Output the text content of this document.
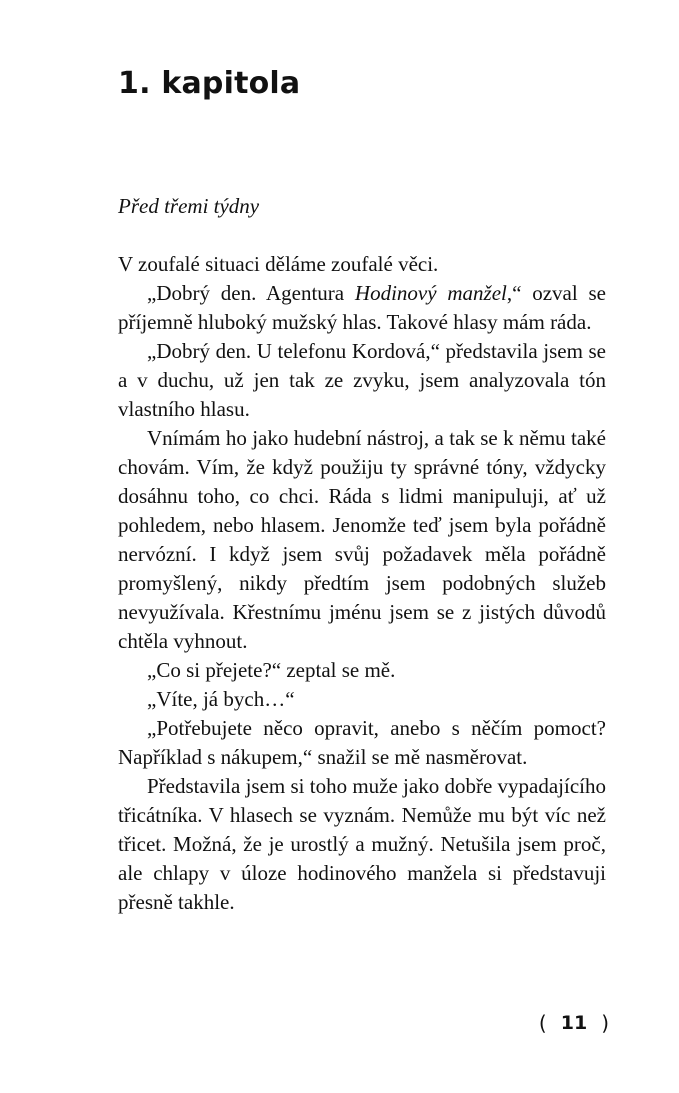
1. kapitola
Před třemi týdny

V zoufalé situaci děláme zoufalé věci.

„Dobrý den. Agentura Hodinový manžel,“ ozval se příjemně hluboký mužský hlas. Takové hlasy mám ráda.

„Dobrý den. U telefonu Kordová,“ představila jsem se a v duchu, už jen tak ze zvyku, jsem analyzovala tón vlastního hlasu.

Vnímám ho jako hudební nástroj, a tak se k němu také chovám. Vím, že když použiju ty správné tóny, vždycky dosáhnu toho, co chci. Ráda s lidmi manipuluji, ať už pohledem, nebo hlasem. Jenomže teď jsem byla pořádně nervózní. I když jsem svůj požadavek měla pořádně promyšlený, nikdy předtím jsem podobných služeb nevyužívala. Křestnímu jménu jsem se z jistých důvodů chtěla vyhnout.

„Co si přejete?“ zeptal se mě.

„Víte, já bych…“

„Potřebujete něco opravit, anebo s něčím pomoct? Například s nákupem,“ snažil se mě nasměrovat.

Představila jsem si toho muže jako dobře vypadajícího třicátníka. V hlasech se vyznám. Nemůže mu být víc než třicet. Možná, že je urostlý a mužný. Netušila jsem proč, ale chlapy v úloze hodinového manžela si představuji přesně takhle.

( 11 )
